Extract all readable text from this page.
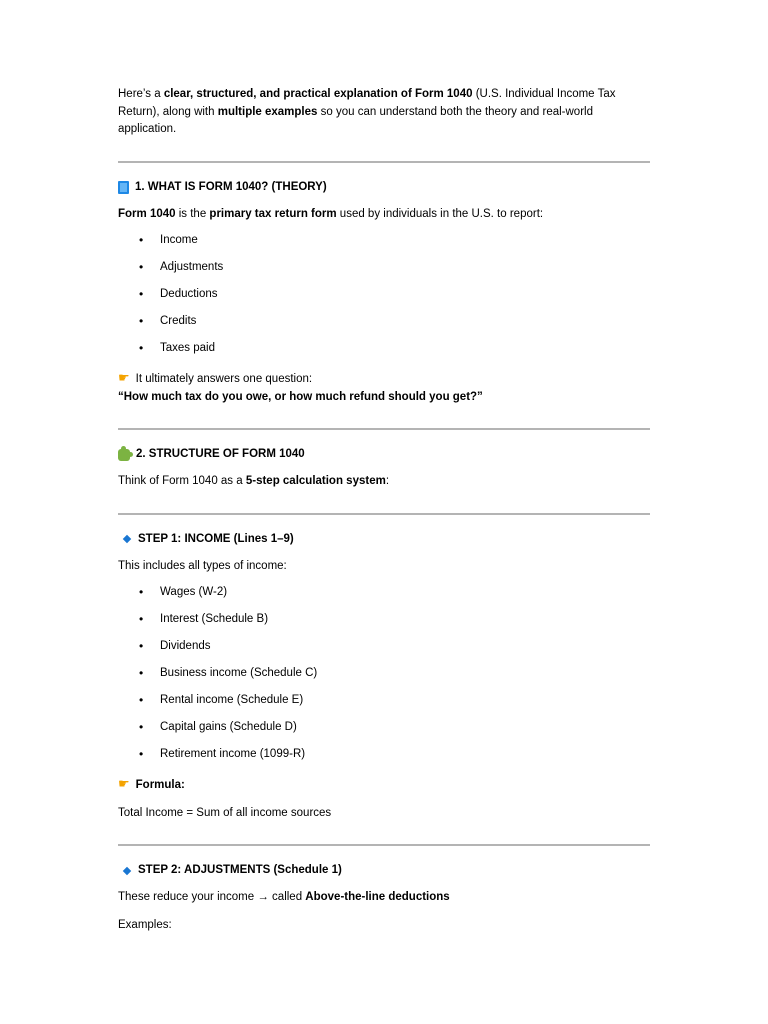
Here’s a clear, structured, and practical explanation of Form 1040 (U.S. Individual Income Tax Return), along with multiple examples so you can understand both the theory and real-world application.

1. WHAT IS FORM 1040? (THEORY)

Form 1040 is the primary tax return form used by individuals in the U.S. to report:

• Income
• Adjustments
• Deductions
• Credits
• Taxes paid

☛ It ultimately answers one question:

“How much tax do you owe, or how much refund should you get?”

2. STRUCTURE OF FORM 1040

Think of Form 1040 as a 5-step calculation system:

STEP 1: INCOME (Lines 1–9)

This includes all types of income:

• Wages (W-2)
• Interest (Schedule B)
• Dividends
• Business income (Schedule C)
• Rental income (Schedule E)
• Capital gains (Schedule D)
• Retirement income (1099-R)

☛ Formula:

Total Income = Sum of all income sources

STEP 2: ADJUSTMENTS (Schedule 1)

These reduce your income → called Above-the-line deductions

Examples:
